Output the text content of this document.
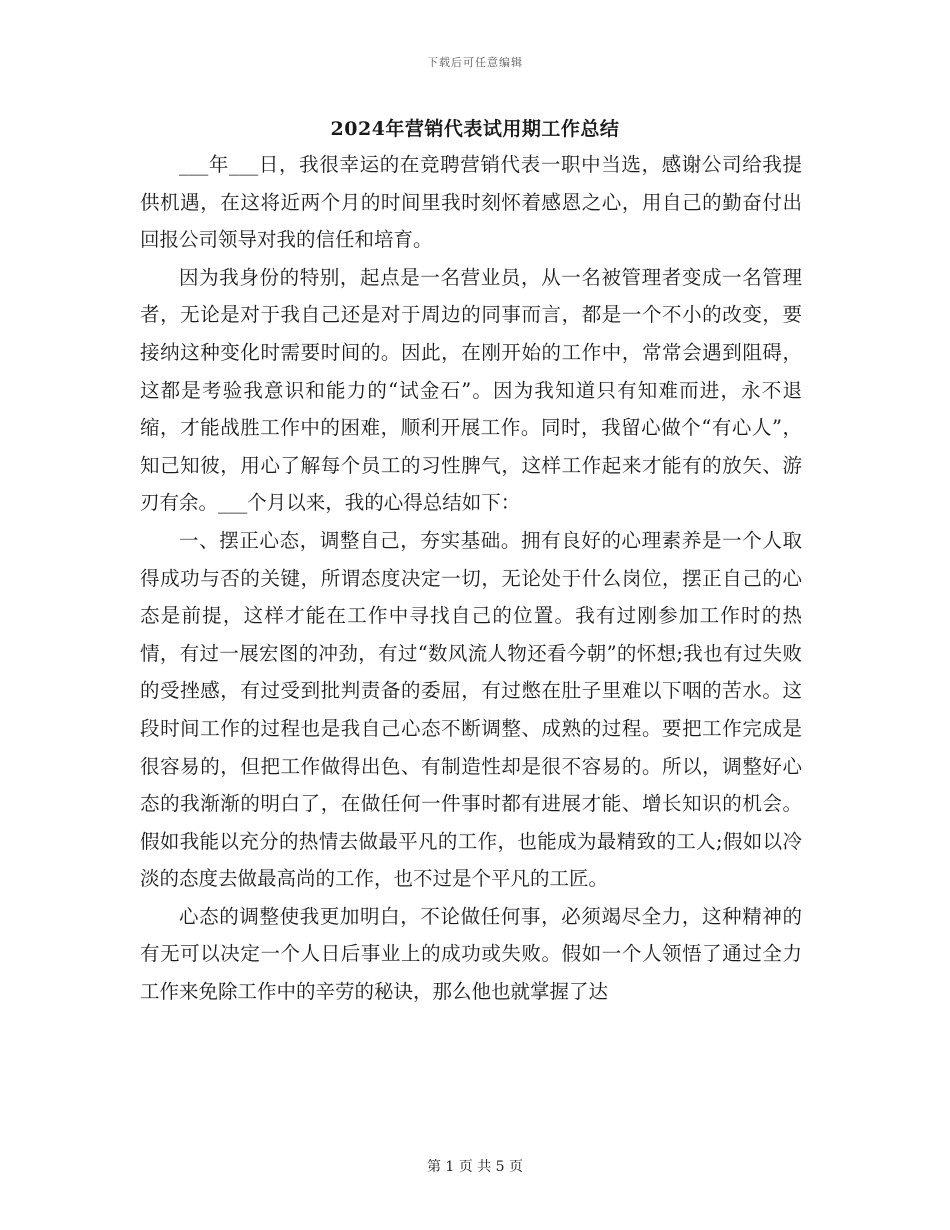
下载后可任意编辑
2024年营销代表试用期工作总结

___年___日，我很幸运的在竞聘营销代表一职中当选，感谢公司给我提供机遇，在这将近两个月的时间里我时刻怀着感恩之心，用自己的勤奋付出回报公司领导对我的信任和培育。

因为我身份的特别，起点是一名营业员，从一名被管理者变成一名管理者，无论是对于我自己还是对于周边的同事而言，都是一个不小的改变，要接纳这种变化时需要时间的。因此，在刚开始的工作中，常常会遇到阻碍，这都是考验我意识和能力的“试金石”。因为我知道只有知难而进，永不退缩，才能战胜工作中的困难，顺利开展工作。同时，我留心做个“有心人”，知己知彼，用心了解每个员工的习性脾气，这样工作起来才能有的放矢、游刃有余。___个月以来，我的心得总结如下：

一、摆正心态，调整自己，夯实基础。拥有良好的心理素养是一个人取得成功与否的关键，所谓态度决定一切，无论处于什么岗位，摆正自己的心态是前提，这样才能在工作中寻找自己的位置。我有过刚参加工作时的热情，有过一展宏图的冲劲，有过“数风流人物还看今朝”的怀想;我也有过失败的受挫感，有过受到批判责备的委屈，有过憋在肚子里难以下咽的苦水。这段时间工作的过程也是我自己心态不断调整、成熟的过程。要把工作完成是很容易的，但把工作做得出色、有制造性却是很不容易的。所以，调整好心态的我渐渐的明白了，在做任何一件事时都有进展才能、增长知识的机会。假如我能以充分的热情去做最平凡的工作，也能成为最精致的工人;假如以冷淡的态度去做最高尚的工作，也不过是个平凡的工匠。

心态的调整使我更加明白，不论做任何事，必须竭尽全力，这种精神的有无可以决定一个人日后事业上的成功或失败。假如一个人领悟了通过全力工作来免除工作中的辛劳的秘诀，那么他也就掌握了达

第 1 页 共 5 页
